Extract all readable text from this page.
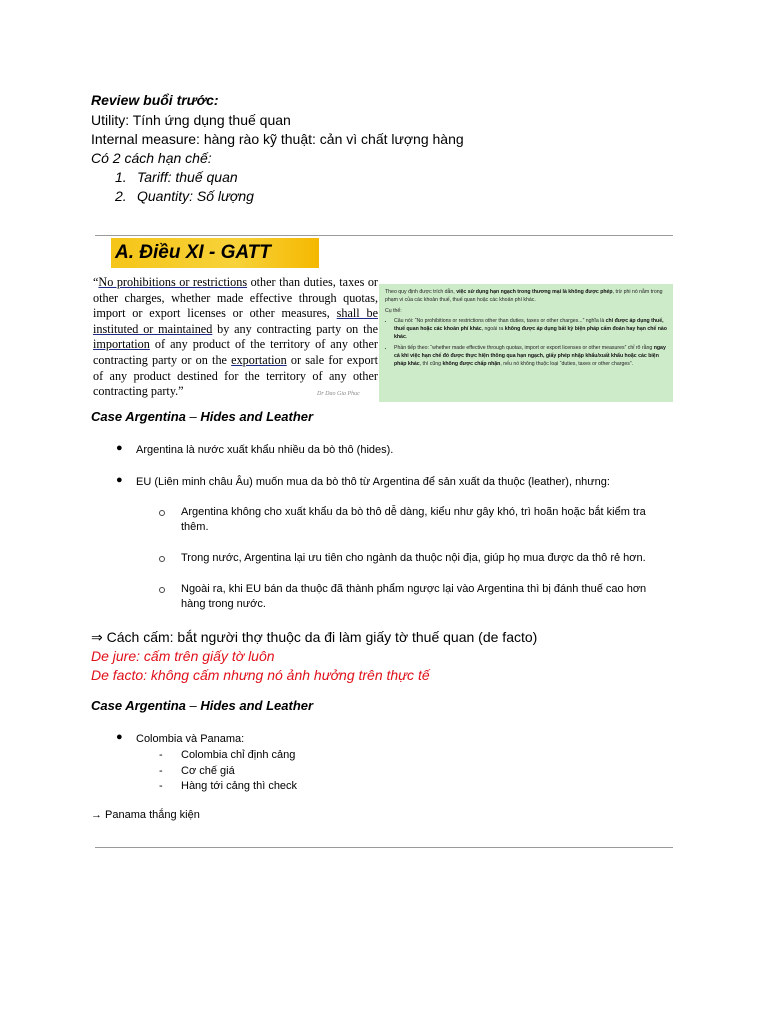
Review buổi trước:
Utility: Tính ứng dụng thuế quan
Internal measure: hàng rào kỹ thuật: cản vì chất lượng hàng
Có 2 cách hạn chế:
1. Tariff: thuế quan
2. Quantity: Số lượng
A. Điều XI - GATT
“No prohibitions or restrictions other than duties, taxes or other charges, whether made effective through quotas, import or export licenses or other measures, shall be instituted or maintained by any contracting party on the importation of any product of the territory of any other contracting party or on the exportation or sale for export of any product destined for the territory of any other contracting party.”	Dr Dao Gia Phuc
Theo quy định được trích dẫn, việc sử dụng hạn ngạch trong thương mại là không được phép, trừ phi nó nằm trong phạm vi của các khoản thuế, thuế quan hoặc các khoản phí khác.
Cụ thể:
• Câu nói: “No prohibitions or restrictions other than duties, taxes or other charges...” nghĩa là chỉ được áp dụng thuế, thuế quan hoặc các khoản phí khác, ngoài ra không được áp dụng bất kỳ biện pháp cấm đoán hay hạn chế nào khác.
• Phần tiếp theo: “whether made effective through quotas, import or export licenses or other measures” chỉ rõ rằng ngay cả khi việc hạn chế đó được thực hiện thông qua hạn ngạch, giấy phép nhập khẩu/xuất khẩu hoặc các biện pháp khác, thì cũng không được chấp nhận, nếu nó không thuộc loại “duties, taxes or other charges”.
Case Argentina – Hides and Leather
● Argentina là nước xuất khẩu nhiều da bò thô (hides).
● EU (Liên minh châu Âu) muốn mua da bò thô từ Argentina để sản xuất da thuộc (leather), nhưng:
Argentina không cho xuất khẩu da bò thô dễ dàng, kiểu như gây khó, trì hoãn hoặc bắt kiểm tra thêm.
Trong nước, Argentina lại ưu tiên cho ngành da thuộc nội địa, giúp họ mua được da thô rẻ hơn.
Ngoài ra, khi EU bán da thuộc đã thành phẩm ngược lại vào Argentina thì bị đánh thuế cao hơn hàng trong nước.
⇒ Cách cấm: bắt người thợ thuộc da đi làm giấy tờ thuế quan (de facto)
De jure: cấm trên giấy tờ luôn
De facto: không cấm nhưng nó ảnh hưởng trên thực tế
Case Argentina – Hides and Leather
● Colombia và Panama:
- Colombia chỉ định cảng
- Cơ chế giá
- Hàng tới cảng thì check
→ Panama thắng kiện
